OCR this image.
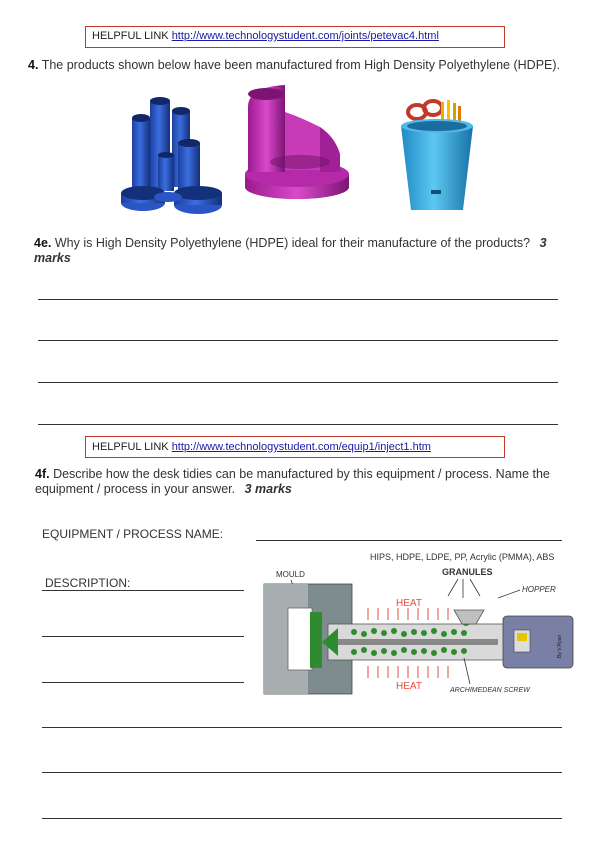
HELPFUL LINK http://www.technologystudent.com/joints/petevac4.html
4. The products shown below have been manufactured from High Density Polyethylene (HDPE).
4e. Why is High Density Polyethylene (HDPE) ideal for their manufacture of the products? 3 marks
HELPFUL LINK http://www.technologystudent.com/equip1/inject1.htm
4f. Describe how the desk tidies can be manufactured by this equipment / process. Name the equipment / process in your answer. 3 marks
EQUIPMENT / PROCESS NAME:
DESCRIPTION:
HIPS, HDPE, LDPE, PP, Acrylic (PMMA), ABS
GRANULES
MOULD
HOPPER
HEAT
HEAT	ARCHIMEDEAN SCREW
By V.Ryan
